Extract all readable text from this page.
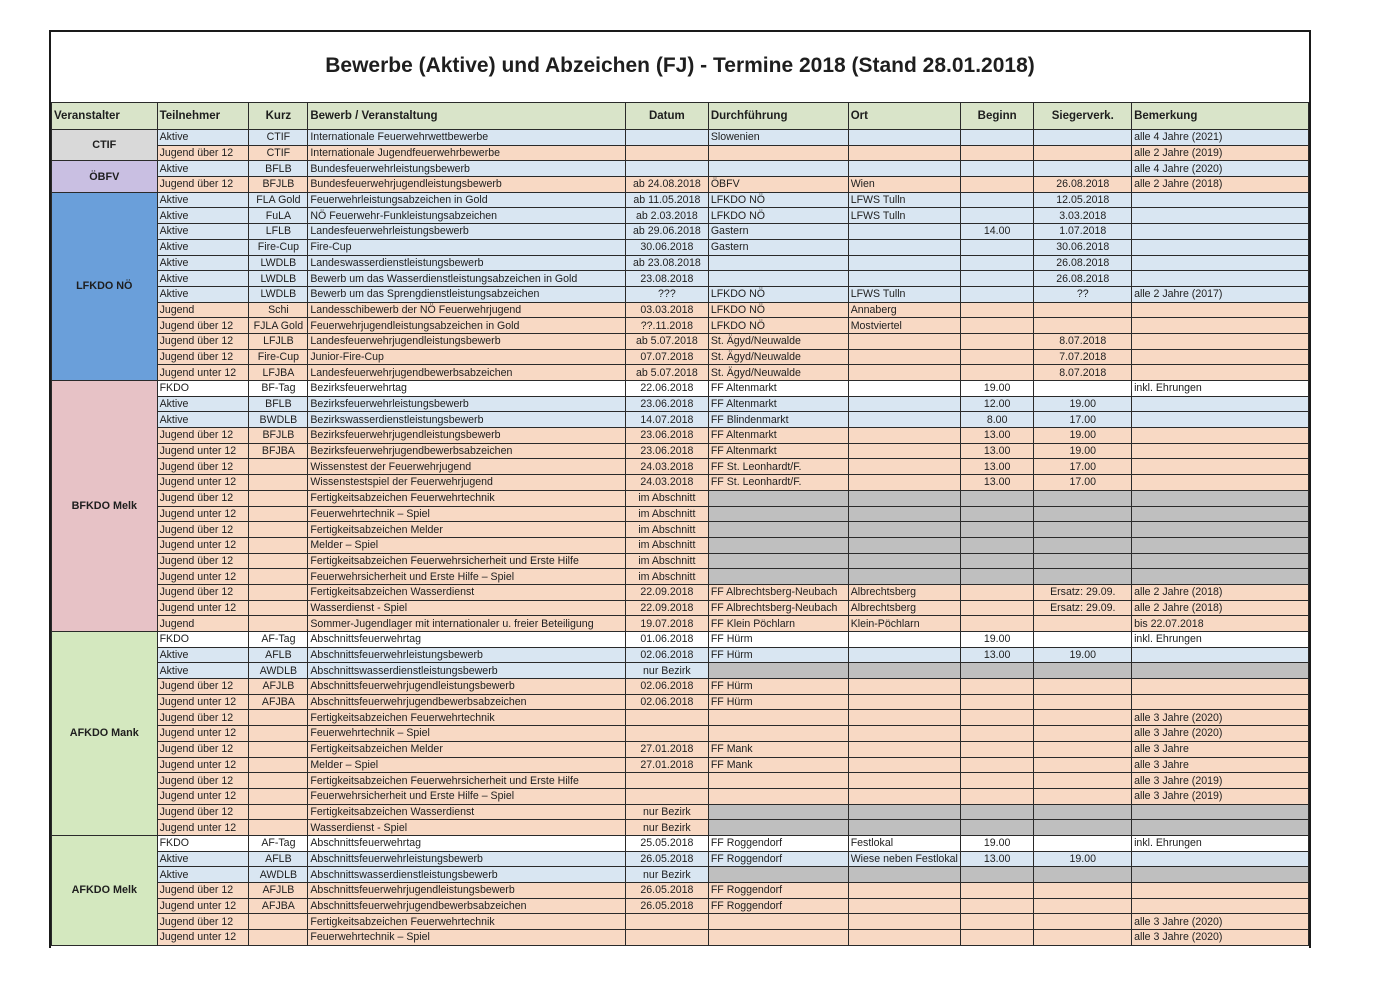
Bewerbe (Aktive) und Abzeichen (FJ) - Termine 2018 (Stand 28.01.2018)
Veranstalter	Teilnehmer	Kurz	Bewerb / Veranstaltung	Datum	Durchführung	Ort	Beginn	Siegerverk.	Bemerkung
CTIF	Aktive	CTIF	Internationale Feuerwehrwettbewerbe		Slowenien				alle 4 Jahre (2021)
	Jugend über 12	CTIF	Internationale Jugendfeuerwehrbewerbe						alle 2 Jahre (2019)
ÖBFV	Aktive	BFLB	Bundesfeuerwehrleistungsbewerb						alle 4 Jahre (2020)
	Jugend über 12	BFJLB	Bundesfeuerwehrjugendleistungsbewerb	ab 24.08.2018	ÖBFV	Wien		26.08.2018	alle 2 Jahre (2018)
LFKDO NÖ	Aktive	FLA Gold	Feuerwehrleistungsabzeichen in Gold	ab 11.05.2018	LFKDO NÖ	LFWS Tulln		12.05.2018	
	Aktive	FuLA	NÖ Feuerwehr-Funkleistungsabzeichen	ab 2.03.2018	LFKDO NÖ	LFWS Tulln		3.03.2018	
	Aktive	LFLB	Landesfeuerwehrleistungsbewerb	ab 29.06.2018	Gastern		14.00	1.07.2018	
	Aktive	Fire-Cup	Fire-Cup	30.06.2018	Gastern			30.06.2018	
	Aktive	LWDLB	Landeswasserdienstleistungsbewerb	ab 23.08.2018				26.08.2018	
	Aktive	LWDLB	Bewerb um das Wasserdienstleistungsabzeichen in Gold	23.08.2018				26.08.2018	
	Aktive	LWDLB	Bewerb um das Sprengdienstleistungsabzeichen	???	LFKDO NÖ	LFWS Tulln		??	alle 2 Jahre (2017)
	Jugend	Schi	Landesschibewerb der NÖ Feuerwehrjugend	03.03.2018	LFKDO NÖ	Annaberg			
	Jugend über 12	FJLA Gold	Feuerwehrjugendleistungsabzeichen in Gold	??.11.2018	LFKDO NÖ	Mostviertel			
	Jugend über 12	LFJLB	Landesfeuerwehrjugendleistungsbewerb	ab 5.07.2018	St. Ägyd/Neuwalde			8.07.2018	
	Jugend über 12	Fire-Cup	Junior-Fire-Cup	07.07.2018	St. Ägyd/Neuwalde			7.07.2018	
	Jugend unter 12	LFJBA	Landesfeuerwehrjugendbewerbsabzeichen	ab 5.07.2018	St. Ägyd/Neuwalde			8.07.2018	
BFKDO Melk	FKDO	BF-Tag	Bezirksfeuerwehrtag	22.06.2018	FF Altenmarkt		19.00		inkl. Ehrungen
	Aktive	BFLB	Bezirksfeuerwehrleistungsbewerb	23.06.2018	FF Altenmarkt		12.00	19.00	
	Aktive	BWDLB	Bezirkswasserdienstleistungsbewerb	14.07.2018	FF Blindenmarkt		8.00	17.00	
	Jugend über 12	BFJLB	Bezirksfeuerwehrjugendleistungsbewerb	23.06.2018	FF Altenmarkt		13.00	19.00	
	Jugend unter 12	BFJBA	Bezirksfeuerwehrjugendbewerbsabzeichen	23.06.2018	FF Altenmarkt		13.00	19.00	
	Jugend über 12		Wissenstest der Feuerwehrjugend	24.03.2018	FF St. Leonhardt/F.		13.00	17.00	
	Jugend unter 12		Wissenstestspiel der Feuerwehrjugend	24.03.2018	FF St. Leonhardt/F.		13.00	17.00	
	Jugend über 12		Fertigkeitsabzeichen Feuerwehrtechnik	im Abschnitt					
	Jugend unter 12		Feuerwehrtechnik – Spiel	im Abschnitt					
	Jugend über 12		Fertigkeitsabzeichen Melder	im Abschnitt					
	Jugend unter 12		Melder – Spiel	im Abschnitt					
	Jugend über 12		Fertigkeitsabzeichen Feuerwehrsicherheit und Erste Hilfe	im Abschnitt					
	Jugend unter 12		Feuerwehrsicherheit und Erste Hilfe – Spiel	im Abschnitt					
	Jugend über 12		Fertigkeitsabzeichen Wasserdienst	22.09.2018	FF Albrechtsberg-Neubach	Albrechtsberg		Ersatz: 29.09.	alle 2 Jahre (2018)
	Jugend unter 12		Wasserdienst - Spiel	22.09.2018	FF Albrechtsberg-Neubach	Albrechtsberg		Ersatz: 29.09.	alle 2 Jahre (2018)
	Jugend		Sommer-Jugendlager mit internationaler u. freier Beteiligung	19.07.2018	FF Klein Pöchlarn	Klein-Pöchlarn			bis 22.07.2018
AFKDO Mank	FKDO	AF-Tag	Abschnittsfeuerwehrtag	01.06.2018	FF Hürm		19.00		inkl. Ehrungen
	Aktive	AFLB	Abschnittsfeuerwehrleistungsbewerb	02.06.2018	FF Hürm		13.00	19.00	
	Aktive	AWDLB	Abschnittswasserdienstleistungsbewerb	nur Bezirk					
	Jugend über 12	AFJLB	Abschnittsfeuerwehrjugendleistungsbewerb	02.06.2018	FF Hürm				
	Jugend unter 12	AFJBA	Abschnittsfeuerwehrjugendbewerbsabzeichen	02.06.2018	FF Hürm				
	Jugend über 12		Fertigkeitsabzeichen Feuerwehrtechnik						alle 3 Jahre (2020)
	Jugend unter 12		Feuerwehrtechnik – Spiel						alle 3 Jahre (2020)
	Jugend über 12		Fertigkeitsabzeichen Melder	27.01.2018	FF Mank				alle 3 Jahre
	Jugend unter 12		Melder – Spiel	27.01.2018	FF Mank				alle 3 Jahre
	Jugend über 12		Fertigkeitsabzeichen Feuerwehrsicherheit und Erste Hilfe						alle 3 Jahre (2019)
	Jugend unter 12		Feuerwehrsicherheit und Erste Hilfe – Spiel						alle 3 Jahre (2019)
	Jugend über 12		Fertigkeitsabzeichen Wasserdienst	nur Bezirk					
	Jugend unter 12		Wasserdienst - Spiel	nur Bezirk					
AFKDO Melk	FKDO	AF-Tag	Abschnittsfeuerwehrtag	25.05.2018	FF Roggendorf	Festlokal	19.00		inkl. Ehrungen
	Aktive	AFLB	Abschnittsfeuerwehrleistungsbewerb	26.05.2018	FF Roggendorf	Wiese neben Festlokal	13.00	19.00	
	Aktive	AWDLB	Abschnittswasserdienstleistungsbewerb	nur Bezirk					
	Jugend über 12	AFJLB	Abschnittsfeuerwehrjugendleistungsbewerb	26.05.2018	FF Roggendorf				
	Jugend unter 12	AFJBA	Abschnittsfeuerwehrjugendbewerbsabzeichen	26.05.2018	FF Roggendorf				
	Jugend über 12		Fertigkeitsabzeichen Feuerwehrtechnik						alle 3 Jahre (2020)
	Jugend unter 12		Feuerwehrtechnik – Spiel						alle 3 Jahre (2020)
